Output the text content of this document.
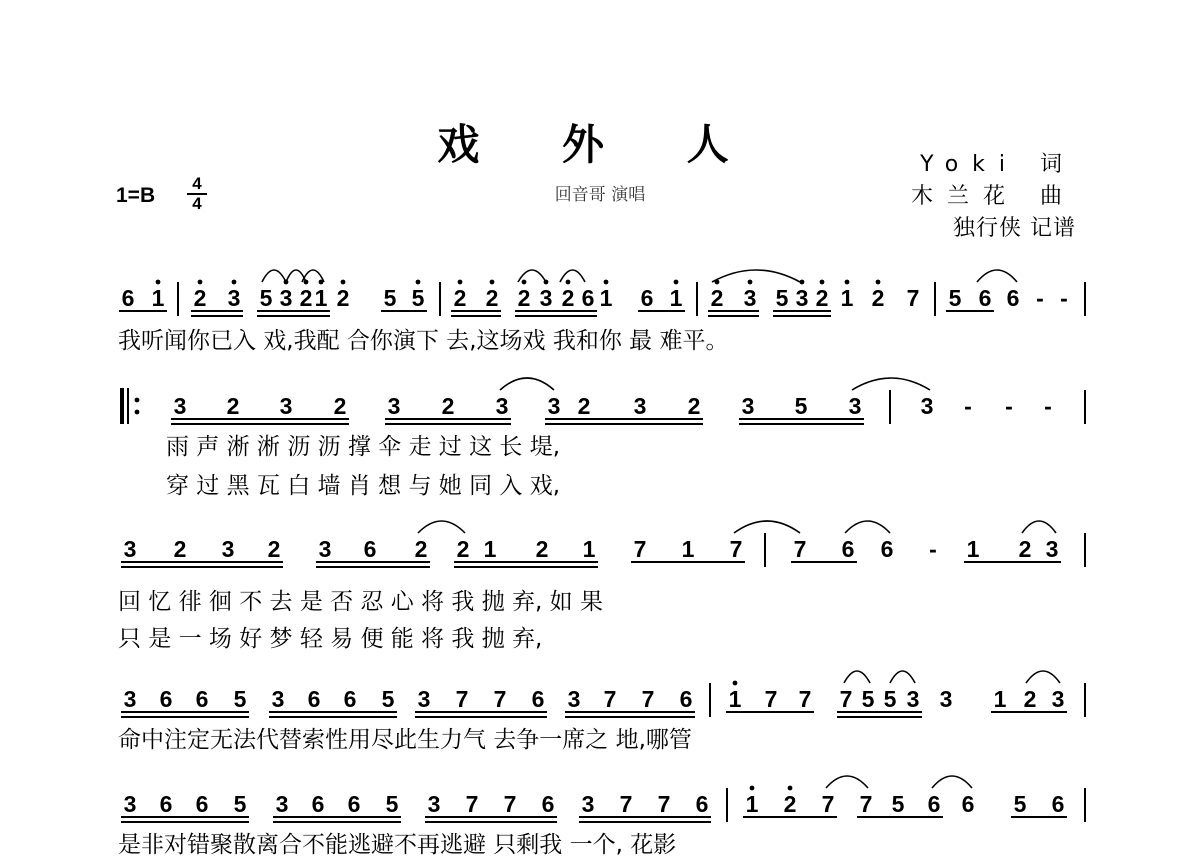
戏 外 人
回音哥 演唱
1=B
4
4
Yoki 词
木兰花 曲
独行侠 记谱
6 1 2 3 5 3 2 1 2 5 5 2 2 2 3 2 6 1 6 1 2 3 5 3 2 1 2 7 5 6 6 - -
3 2 3 2 3 2 3 3 2 3 2 3 5 3	3 - - -
3 2 3 2 3 6 2 2 1 2 1 7 1 7 7 6 6 - 1 2 3
3 6 6 5 3 6 6 5 3 7 7 6 3 7 7 6 1 7 7 7 5 5 3 3 1 2 3
3 6 6 5 3 6 6 5 3 7 7 6 3 7 7 6 1 2 7 7 5 6 6 5 6
我听闻你已入 戏,我配 合你演下 去,这场戏 我和你 最 难平。
雨 声 淅 淅 沥 沥 撑 伞 走 过 这 长 堤,
穿 过 黑 瓦 白 墙 肖 想 与 她 同 入 戏,
回 忆 徘 徊 不 去 是 否 忍 心 将 我 抛 弃, 如 果
只 是 一 场 好 梦 轻 易 便 能 将 我 抛 弃,
命中注定无法代替索性用尽此生力气 去争一席之 地,哪管
是非对错聚散离合不能逃避不再逃避 只剩我 一个, 花影
